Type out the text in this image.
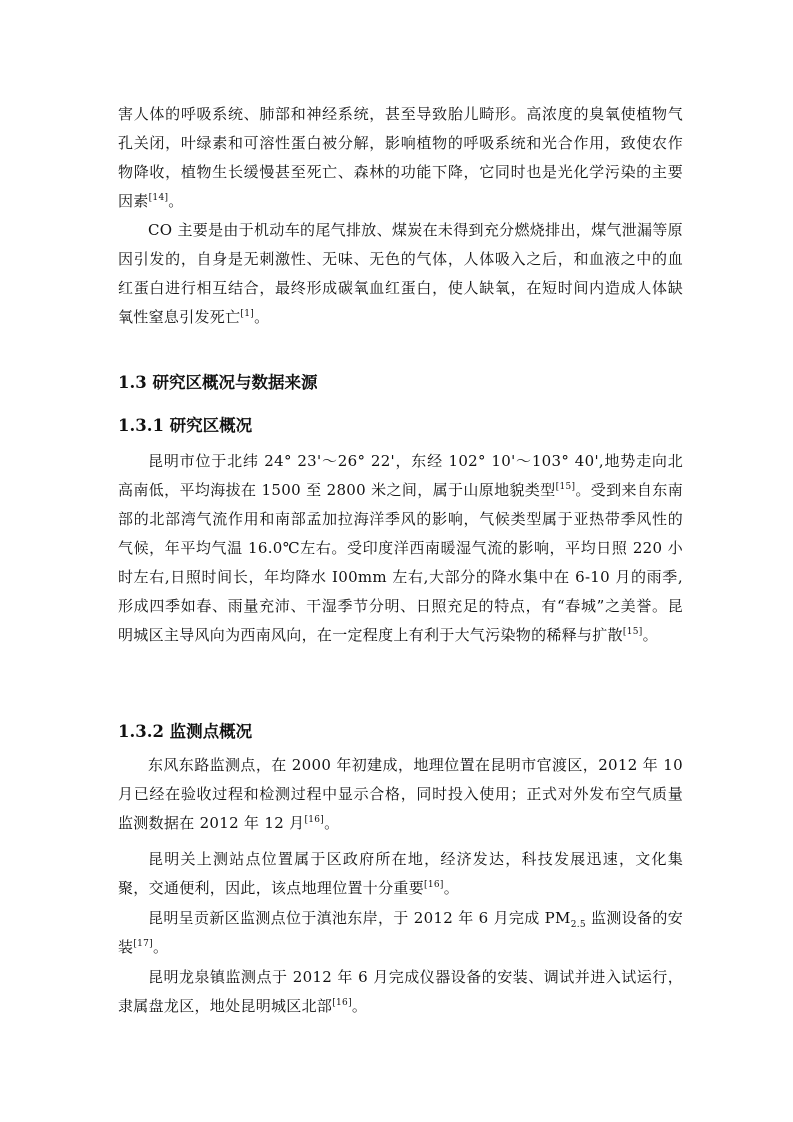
害人体的呼吸系统、肺部和神经系统，甚至导致胎儿畸形。高浓度的臭氧使植物气孔关闭，叶绿素和可溶性蛋白被分解，影响植物的呼吸系统和光合作用，致使农作物降收，植物生长缓慢甚至死亡、森林的功能下降，它同时也是光化学污染的主要因素[14]。

CO 主要是由于机动车的尾气排放、煤炭在未得到充分燃烧排出，煤气泄漏等原因引发的，自身是无刺激性、无味、无色的气体，人体吸入之后，和血液之中的血红蛋白进行相互结合，最终形成碳氧血红蛋白，使人缺氧，在短时间内造成人体缺氧性窒息引发死亡[1]。

1.3 研究区概况与数据来源
1.3.1 研究区概况

昆明市位于北纬 24° 23'～26° 22'，东经 102° 10'～103° 40',地势走向北高南低，平均海拔在 1500 至 2800 米之间，属于山原地貌类型[15]。受到来自东南部的北部湾气流作用和南部孟加拉海洋季风的影响，气候类型属于亚热带季风性的气候，年平均气温 16.0℃左右。受印度洋西南暖湿气流的影响，平均日照 220 小时左右,日照时间长，年均降水 I00mm 左右,大部分的降水集中在 6-10 月的雨季,形成四季如春、雨量充沛、干湿季节分明、日照充足的特点，有“春城”之美誉。昆明城区主导风向为西南风向，在一定程度上有利于大气污染物的稀释与扩散[15]。

1.3.2 监测点概况

东风东路监测点，在 2000 年初建成，地理位置在昆明市官渡区，2012 年 10 月已经在验收过程和检测过程中显示合格，同时投入使用；正式对外发布空气质量监测数据在 2012 年 12 月[16]。

昆明关上测站点位置属于区政府所在地，经济发达，科技发展迅速，文化集聚，交通便利，因此，该点地理位置十分重要[16]。

昆明呈贡新区监测点位于滇池东岸，于 2012 年 6 月完成 $PM_{2.5}$ 监测设备的安装[17]。

昆明龙泉镇监测点于 2012 年 6 月完成仪器设备的安装、调试并进入试运行，隶属盘龙区，地处昆明城区北部[16]。
